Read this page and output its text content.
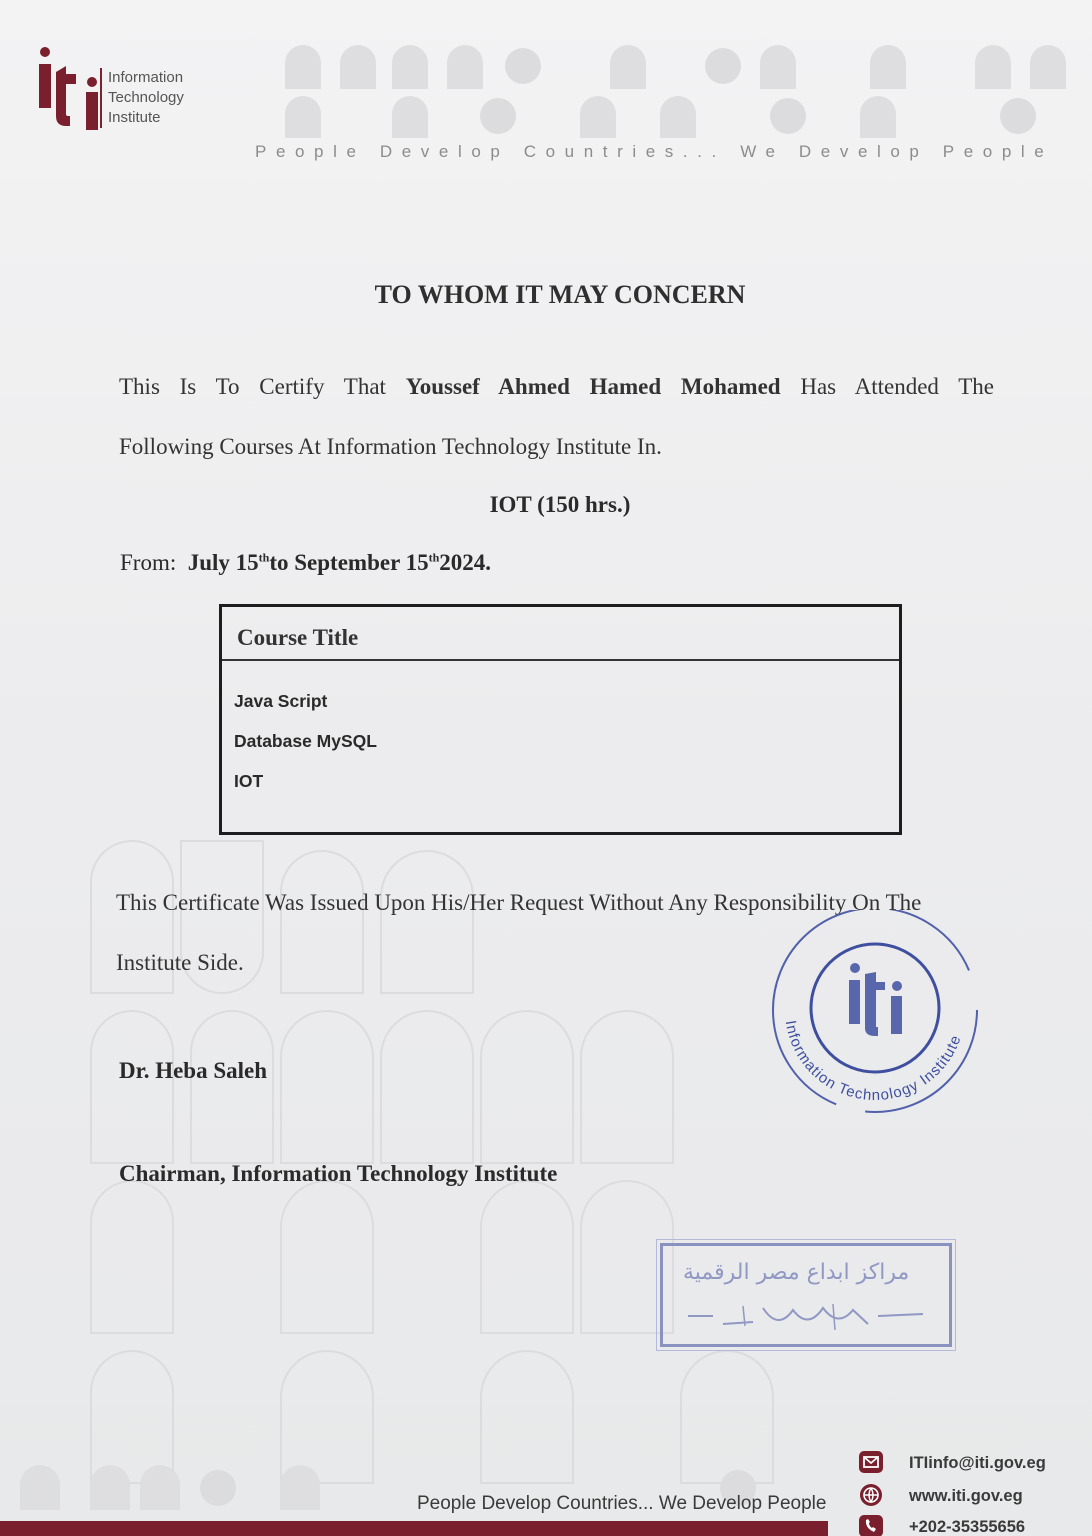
Information
Technology
Institute
People Develop Countries... We Develop People
TO WHOM IT MAY CONCERN
This Is To Certify That Youssef Ahmed Hamed Mohamed Has Attended The
Following Courses At Information Technology Institute In.
IOT (150 hrs.)
From: July 15thto September 15th2024.
Course Title
Java Script
Database MySQL
IOT
This Certificate Was Issued Upon His/Her Request Without Any Responsibility On The
Institute Side.
Dr. Heba Saleh
Chairman, Information Technology Institute
Information Technology Institute
مراكز ابداع مصر الرقمية
People Develop Countries... We Develop People
ITIinfo@iti.gov.eg
www.iti.gov.eg
+202-35355656
